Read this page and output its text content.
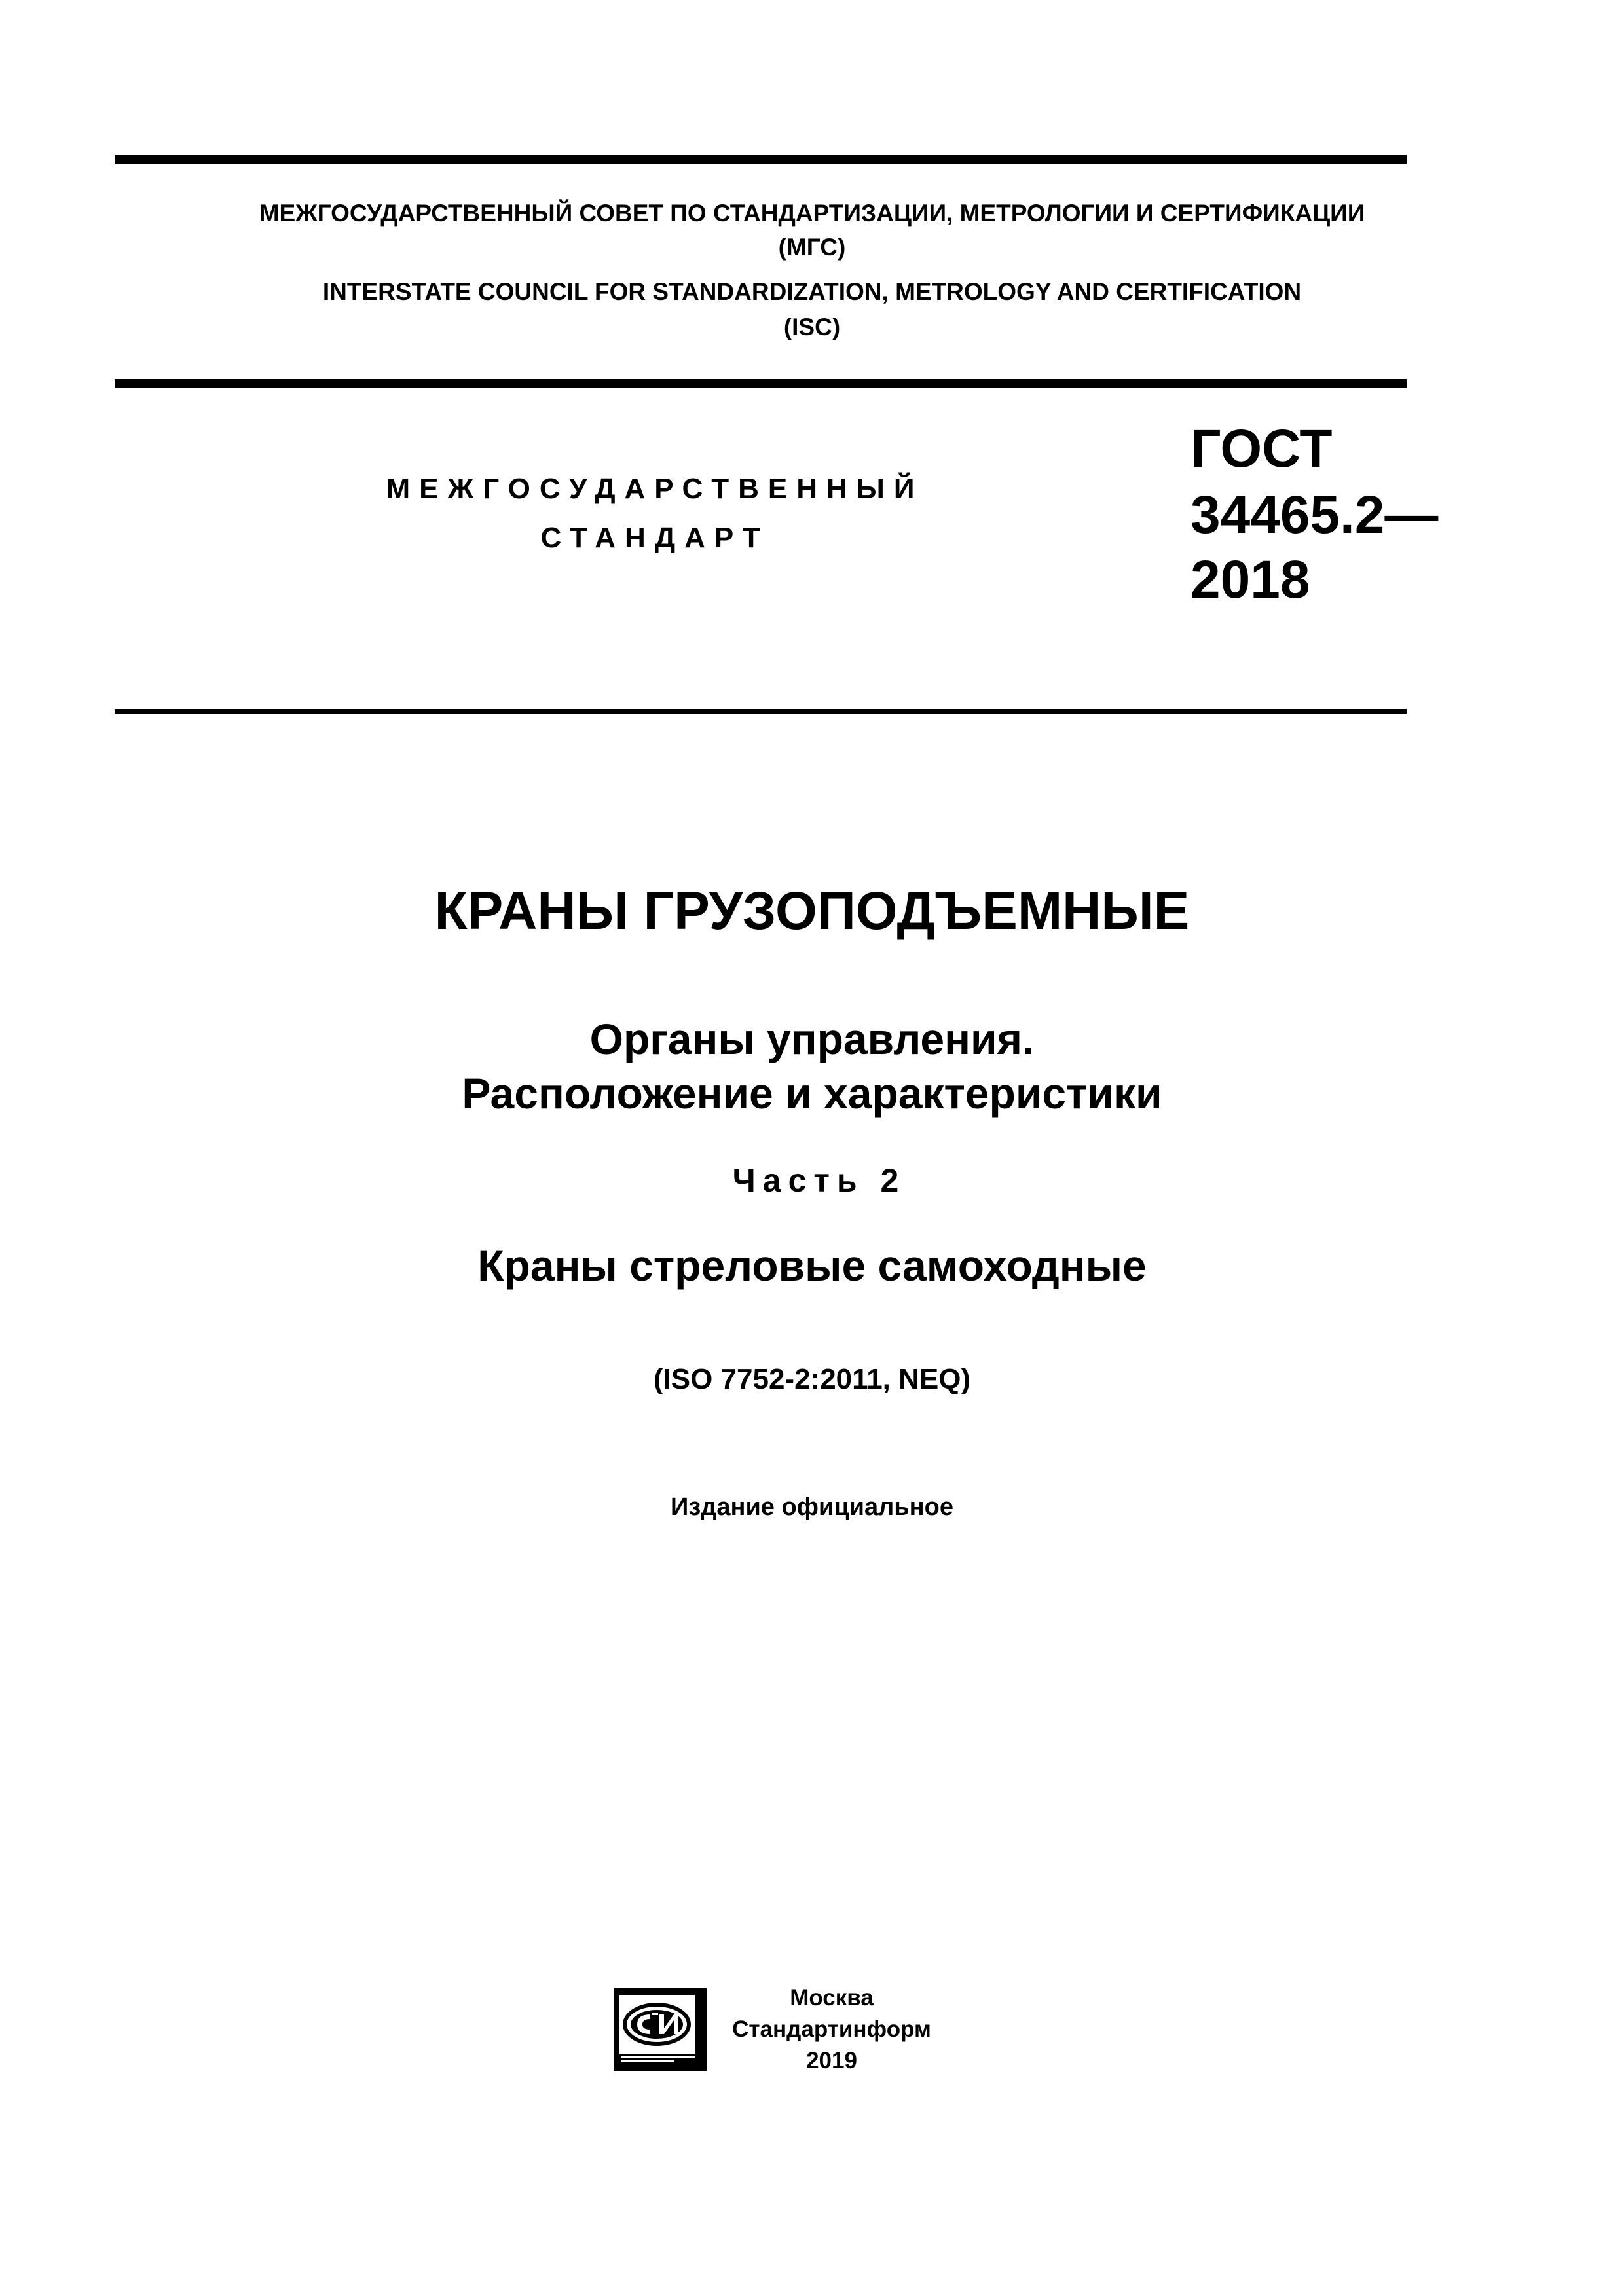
МЕЖГОСУДАРСТВЕННЫЙ СОВЕТ ПО СТАНДАРТИЗАЦИИ, МЕТРОЛОГИИ И СЕРТИФИКАЦИИ
(МГС)
INTERSTATE COUNCIL FOR STANDARDIZATION, METROLOGY AND CERTIFICATION
(ISC)
МЕЖГОСУДАРСТВЕННЫЙ
СТАНДАРТ
ГОСТ
34465.2—
2018
КРАНЫ ГРУЗОПОДЪЕМНЫЕ
Органы управления.
Расположение и характеристики
Часть 2
Краны стреловые самоходные
(ISO 7752-2:2011, NEQ)
Издание официальное
Москва
Стандартинформ
2019
